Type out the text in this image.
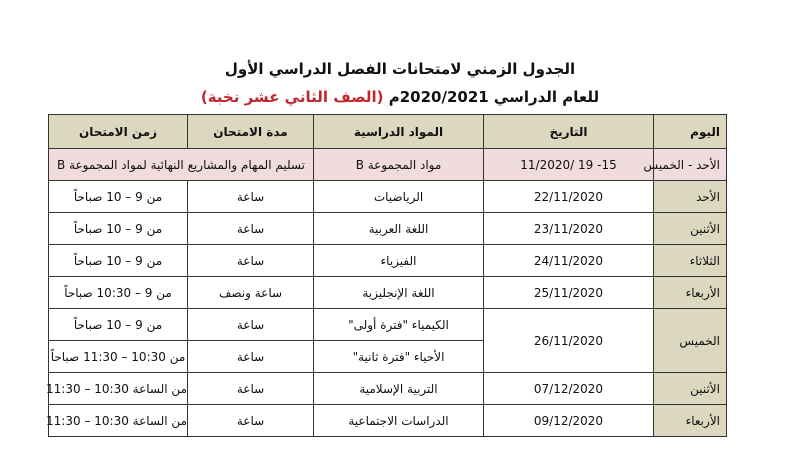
الجدول الزمني لامتحانات الفصل الدراسي الأول
للعام الدراسي 2020/2021م (الصف الثاني عشر نخبة)
اليوم	التاريخ	المواد الدراسية	مدة الامتحان	زمن الامتحان
الأحد - الخميس	15- 19 /11/2020	مواد المجموعة B	تسليم المهام والمشاريع النهائية لمواد المجموعة B	
الأحد	22/11/2020	الرياضيات	ساعة	من 9 – 10 صباحاً
الأثنين	23/11/2020	اللغة العربية	ساعة	من 9 – 10 صباحاً
الثلاثاء	24/11/2020	الفيزياء	ساعة	من 9 – 10 صباحاً
الأربعاء	25/11/2020	اللغة الإنجليزية	ساعة ونصف	من 9 – 10:30 صباحاً
الخميس	26/11/2020	الكيمياء "فترة أولى"	ساعة	من 9 – 10 صباحاً
		الأحياء "فترة ثانية"	ساعة	من 10:30 – 11:30 صباحاً
الأثنين	07/12/2020	التربية الإسلامية	ساعة	من الساعة 10:30 – 11:30
الأربعاء	09/12/2020	الدراسات الاجتماعية	ساعة	من الساعة 10:30 – 11:30
